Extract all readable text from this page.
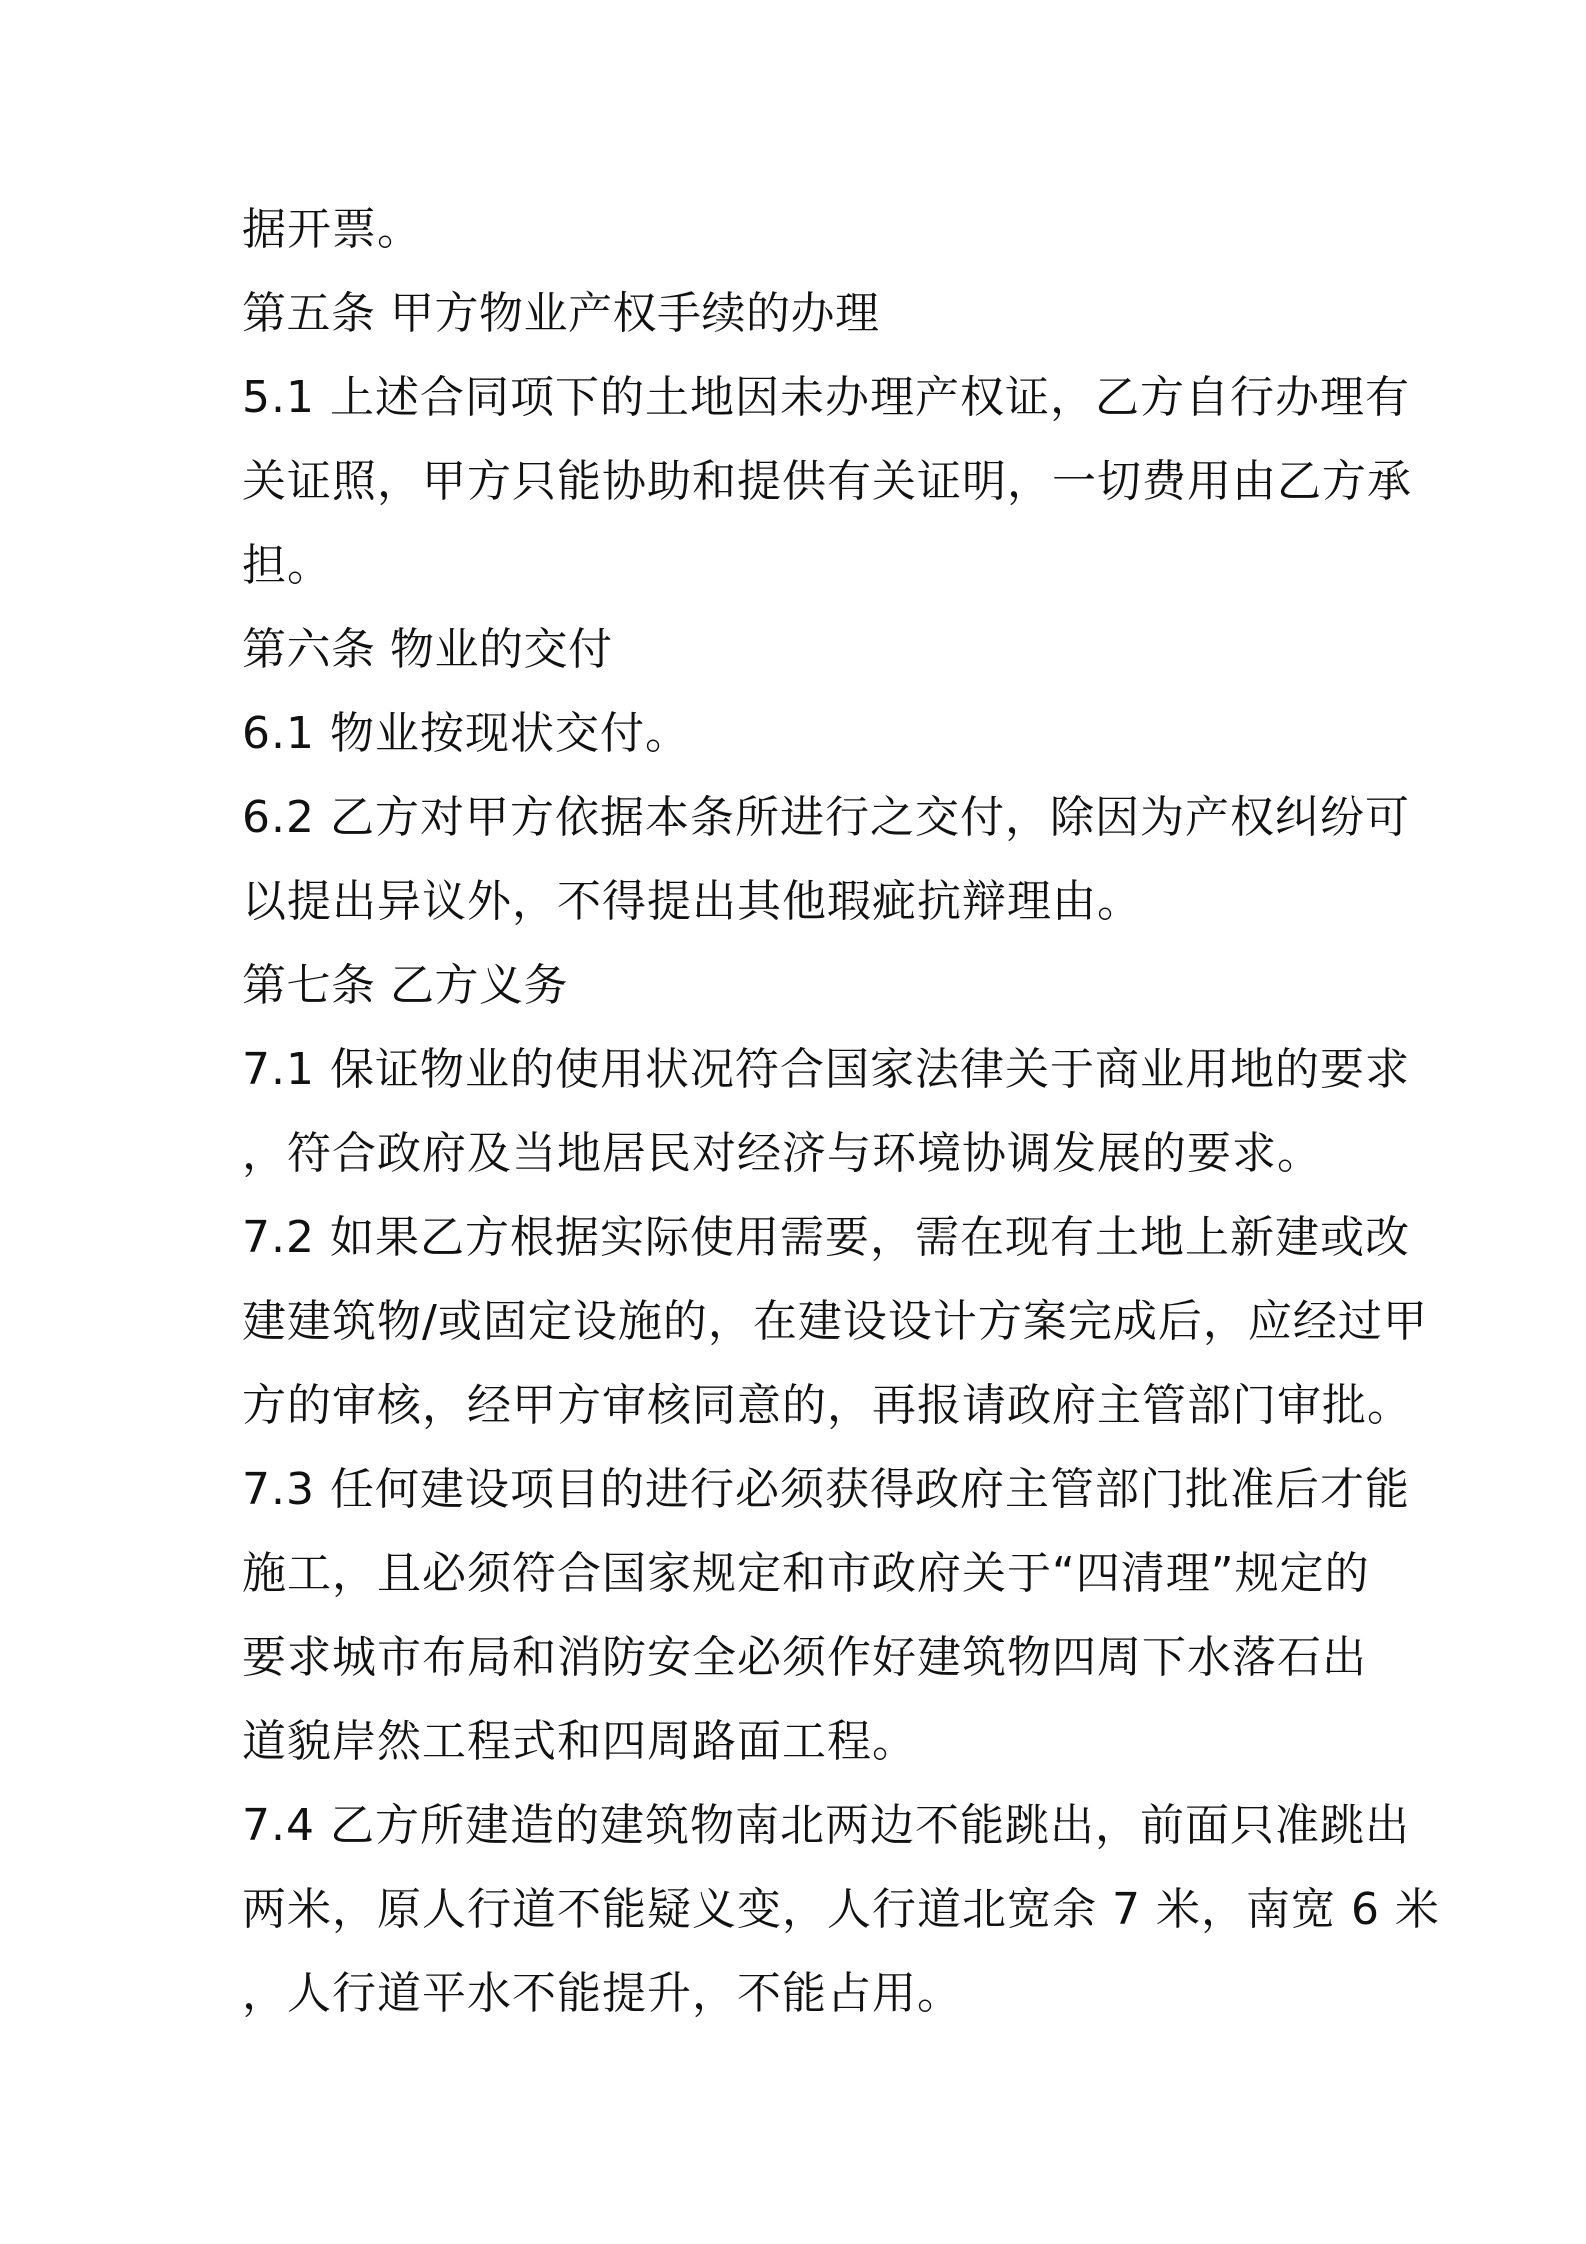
据开票。
第五条 甲方物业产权手续的办理
5.1 上述合同项下的土地因未办理产权证，乙方自行办理有
关证照，甲方只能协助和提供有关证明，一切费用由乙方承
担。
第六条 物业的交付
6.1 物业按现状交付。
6.2 乙方对甲方依据本条所进行之交付，除因为产权纠纷可
以提出异议外，不得提出其他瑕疵抗辩理由。
第七条 乙方义务
7.1 保证物业的使用状况符合国家法律关于商业用地的要求
，符合政府及当地居民对经济与环境协调发展的要求。
7.2 如果乙方根据实际使用需要，需在现有土地上新建或改
建建筑物/或固定设施的，在建设设计方案完成后，应经过甲
方的审核，经甲方审核同意的，再报请政府主管部门审批。
7.3 任何建设项目的进行必须获得政府主管部门批准后才能
施工，且必须符合国家规定和市政府关于“四清理”规定的
要求城市布局和消防安全必须作好建筑物四周下水落石出
道貌岸然工程式和四周路面工程。
7.4 乙方所建造的建筑物南北两边不能跳出，前面只准跳出
两米，原人行道不能疑义变，人行道北宽余 7 米，南宽 6 米
，人行道平水不能提升，不能占用。
